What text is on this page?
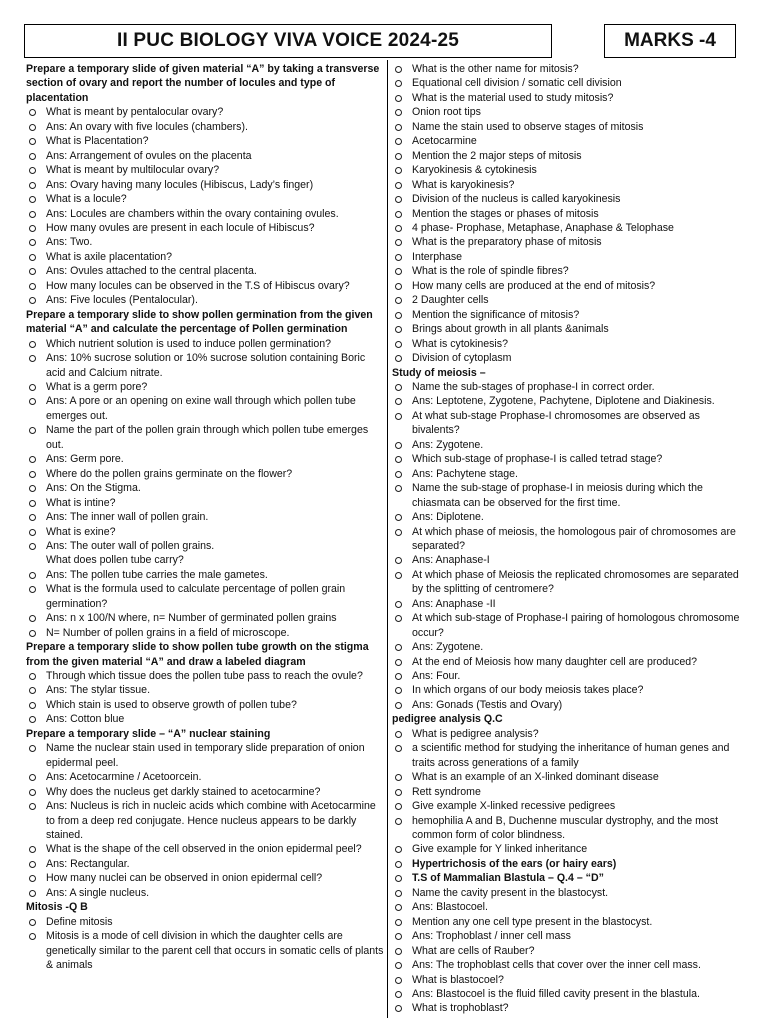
II PUC BIOLOGY VIVA VOICE 2024-25	MARKS -4
Prepare a temporary slide of given material “A” by taking a transverse section of ovary and report the number of locules and type of placentation
What is meant by pentalocular ovary?
Ans: An ovary with five locules (chambers).
What is Placentation?
Ans: Arrangement of ovules on the placenta
What is meant by multilocular ovary?
Ans: Ovary having many locules (Hibiscus, Lady’s finger)
What is a locule?
Ans: Locules are chambers within the ovary containing ovules.
How many ovules are present in each locule of Hibiscus?
Ans: Two.
What is axile placentation?
Ans: Ovules attached to the central placenta.
How many locules can be observed in the T.S of Hibiscus ovary?
Ans: Five locules (Pentalocular).
Prepare a temporary slide to show pollen germination from the given material “A” and calculate the percentage of Pollen germination
Which nutrient solution is used to induce pollen germination?
Ans: 10% sucrose solution or 10% sucrose solution containing Boric acid and Calcium nitrate.
What is a germ pore?
Ans: A pore or an opening on exine wall through which pollen tube emerges out.
Name the part of the pollen grain through which pollen tube emerges out.
Ans: Germ pore.
Where do the pollen grains germinate on the flower?
Ans: On the Stigma.
What is intine?
Ans: The inner wall of pollen grain.
What is exine?
Ans: The outer wall of pollen grains.
What does pollen tube carry?
Ans: The pollen tube carries the male gametes.
What is the formula used to calculate percentage of pollen grain germination?
Ans: n x 100/N where, n= Number of germinated pollen grains
N= Number of pollen grains in a field of microscope.
Prepare a temporary slide to show pollen tube growth on the stigma from the given material “A” and draw a labeled diagram
Through which tissue does the pollen tube pass to reach the ovule?
Ans: The stylar tissue.
Which stain is used to observe growth of pollen tube?
Ans: Cotton blue
Prepare a temporary slide – “A” nuclear staining
Name the nuclear stain used in temporary slide preparation of onion epidermal peel.
Ans: Acetocarmine / Acetoorcein.
Why does the nucleus get darkly stained to acetocarmine?
Ans: Nucleus is rich in nucleic acids which combine with Acetocarmine to from a deep red conjugate. Hence nucleus appears to be darkly stained.
What is the shape of the cell observed in the onion epidermal peel?
Ans: Rectangular.
How many nuclei can be observed in onion epidermal cell?
Ans: A single nucleus.
Mitosis -Q B
Define mitosis
Mitosis is a mode of cell division in which the daughter cells are genetically similar to the parent cell that occurs in somatic cells of plants & animals
What is the other name for mitosis?
Equational cell division / somatic cell division
What is the material used to study mitosis?
Onion root tips
Name the stain used to observe stages of mitosis
Acetocarmine
Mention the 2 major steps of mitosis
Karyokinesis & cytokinesis
What is karyokinesis?
Division of the nucleus is called karyokinesis
Mention the stages or phases of mitosis
4 phase- Prophase, Metaphase, Anaphase & Telophase
What is the preparatory phase of mitosis
Interphase
What is the role of spindle fibres?
How many cells are produced at the end of mitosis?
2 Daughter cells
Mention the significance of mitosis?
Brings about growth in all plants &animals
What is cytokinesis?
Division of cytoplasm
Study of meiosis –
Name the sub-stages of prophase-I in correct order.
Ans: Leptotene, Zygotene, Pachytene, Diplotene and Diakinesis.
At what sub-stage Prophase-I chromosomes are observed as bivalents?
Ans: Zygotene.
Which sub-stage of prophase-I is called tetrad stage?
Ans: Pachytene stage.
Name the sub-stage of prophase-I in meiosis during which the chiasmata can be observed for the first time.
Ans: Diplotene.
At which phase of meiosis, the homologous pair of chromosomes are separated?
Ans: Anaphase-I
At which phase of Meiosis the replicated chromosomes are separated by the splitting of centromere?
Ans: Anaphase -II
At which sub-stage of Prophase-I pairing of homologous chromosome occur?
Ans: Zygotene.
At the end of Meiosis how many daughter cell are produced?
Ans: Four.
In which organs of our body meiosis takes place?
Ans: Gonads (Testis and Ovary)
pedigree analysis Q.C
What is pedigree analysis?
a scientific method for studying the inheritance of human genes and traits across generations of a family
What is an example of an X-linked dominant disease
Rett syndrome
Give example X-linked recessive pedigrees
hemophilia A and B, Duchenne muscular dystrophy, and the most common form of color blindness.
Give example for Y linked inheritance
Hypertrichosis of the ears (or hairy ears)
T.S of Mammalian Blastula – Q.4 – “D”
Name the cavity present in the blastocyst.
Ans: Blastocoel.
Mention any one cell type present in the blastocyst.
Ans: Trophoblast / inner cell mass
What are cells of Rauber?
Ans: The trophoblast cells that cover over the inner cell mass.
What is blastocoel?
Ans: Blastocoel is the fluid filled cavity present in the blastula.
What is trophoblast?
